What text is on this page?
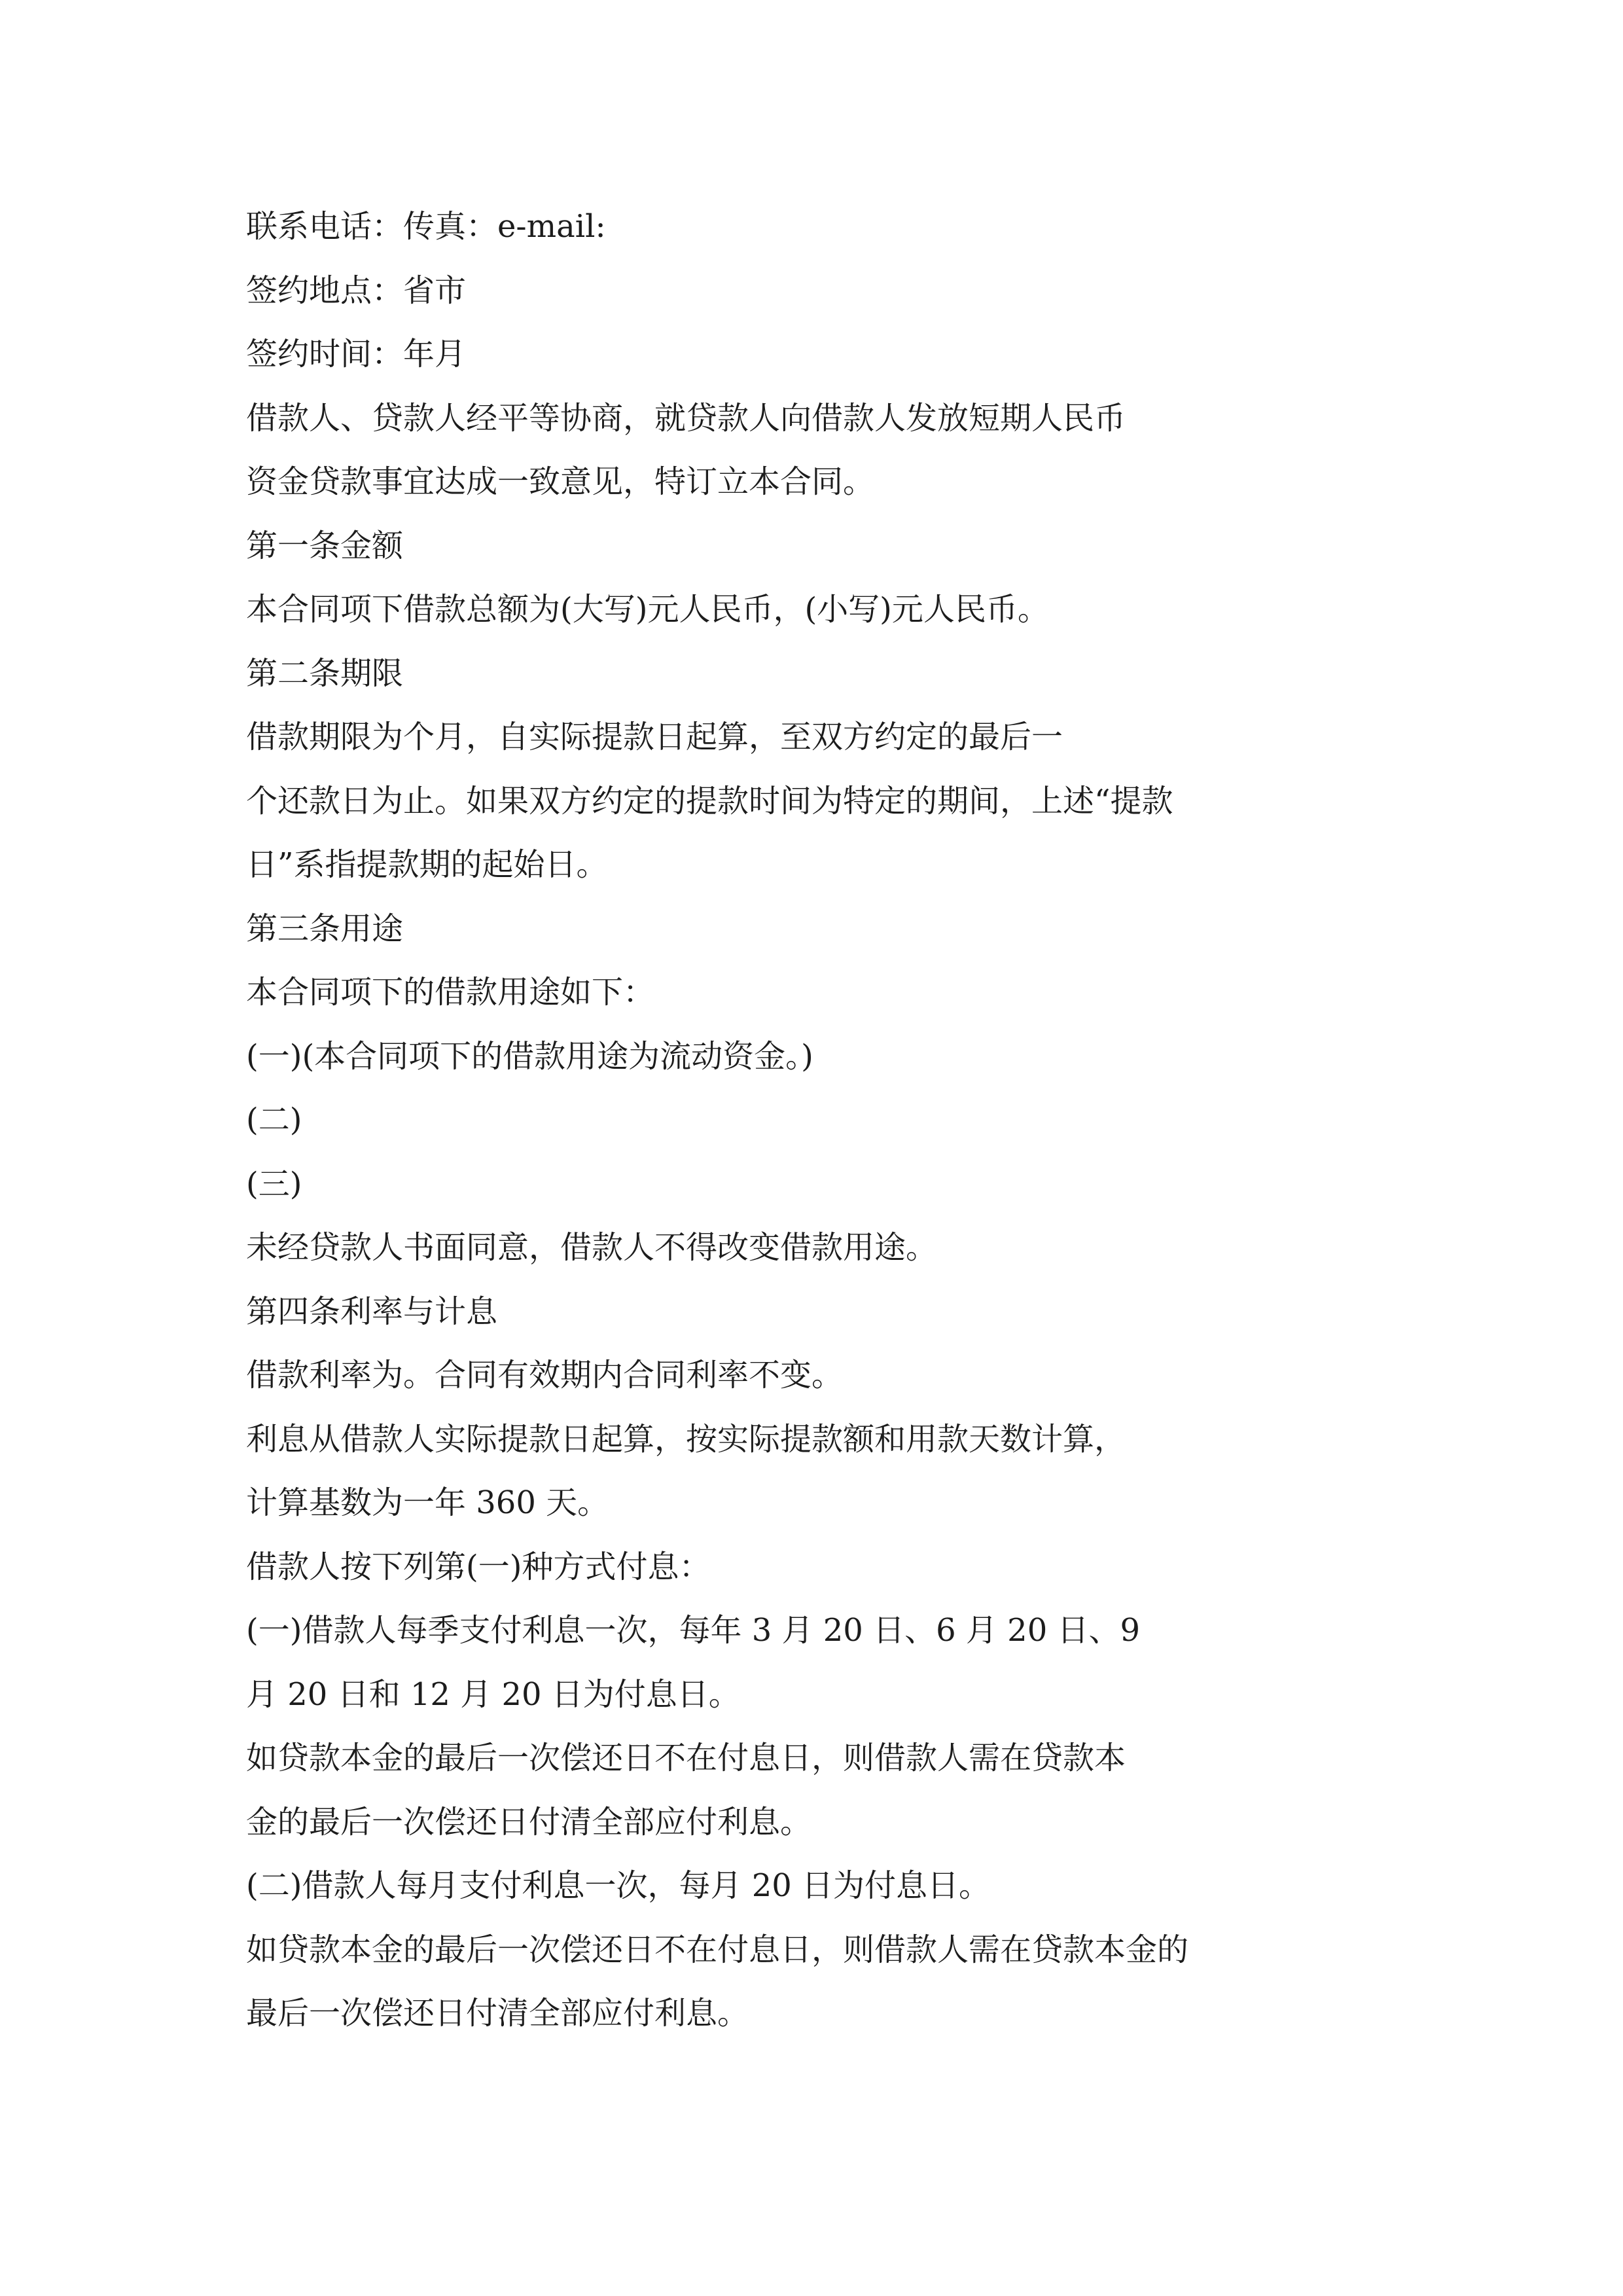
联系电话：传真：e-mail:
签约地点：省市
签约时间：年月
借款人、贷款人经平等协商，就贷款人向借款人发放短期人民币
资金贷款事宜达成一致意见，特订立本合同。
第一条金额
本合同项下借款总额为(大写)元人民币，(小写)元人民币。
第二条期限
借款期限为个月，自实际提款日起算，至双方约定的最后一
个还款日为止。如果双方约定的提款时间为特定的期间，上述“提款
日”系指提款期的起始日。
第三条用途
本合同项下的借款用途如下：
(一)(本合同项下的借款用途为流动资金。)
(二)
(三)
未经贷款人书面同意，借款人不得改变借款用途。
第四条利率与计息
借款利率为。合同有效期内合同利率不变。
利息从借款人实际提款日起算，按实际提款额和用款天数计算，
计算基数为一年 360 天。
借款人按下列第(一)种方式付息：
(一)借款人每季支付利息一次，每年 3 月 20 日、6 月 20 日、9
月 20 日和 12 月 20 日为付息日。
如贷款本金的最后一次偿还日不在付息日，则借款人需在贷款本
金的最后一次偿还日付清全部应付利息。
(二)借款人每月支付利息一次，每月 20 日为付息日。
如贷款本金的最后一次偿还日不在付息日，则借款人需在贷款本金的
最后一次偿还日付清全部应付利息。
